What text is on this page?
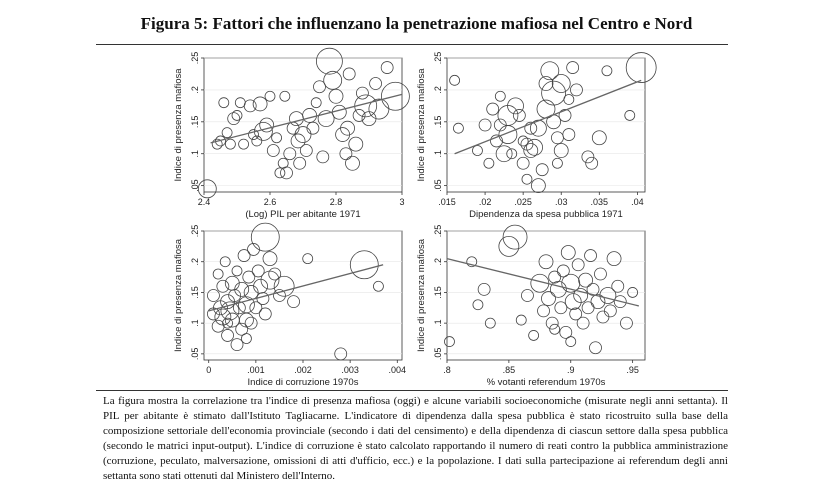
Figura 5: Fattori che influenzano la penetrazione mafiosa nel Centro e Nord
.05
.1
.15
.2
.25
2.4	2.6	2.8	3
(Log) PIL per abitante 1971
Indice di presenza mafiosa
.05
.1
.15
.2
.25
.015	.02	.025	.03	.035	.04
Dipendenza da spesa pubblica 1971
Indice di presenza mafiosa
.05
.1
.15
.2
.25
0	.001	.002	.003	.004
Indice di corruzione 1970s
Indice di presenza mafiosa
.05
.1
.15
.2
.25
.8	.85	.9	.95
% votanti referendum 1970s
Indice di presenza mafiosa
La figura mostra la correlazione tra l'indice di presenza mafiosa (oggi) e alcune variabili socioeconomiche (misurate negli anni settanta). Il PIL per abitante è stimato dall'Istituto Tagliacarne. L'indicatore di dipendenza dalla spesa pubblica è stato ricostruito sulla base della composizione settoriale dell'economia provinciale (secondo i dati del censimento) e della dipendenza di ciascun settore dalla spesa pubblica (secondo le matrici input-output). L'indice di corruzione è stato calcolato rapportando il numero di reati contro la pubblica amministrazione (corruzione, peculato, malversazione, omissioni di atti d'ufficio, ecc.) e la popolazione. I dati sulla partecipazione ai referendum degli anni settanta sono stati ottenuti dal Ministero dell'Interno.
